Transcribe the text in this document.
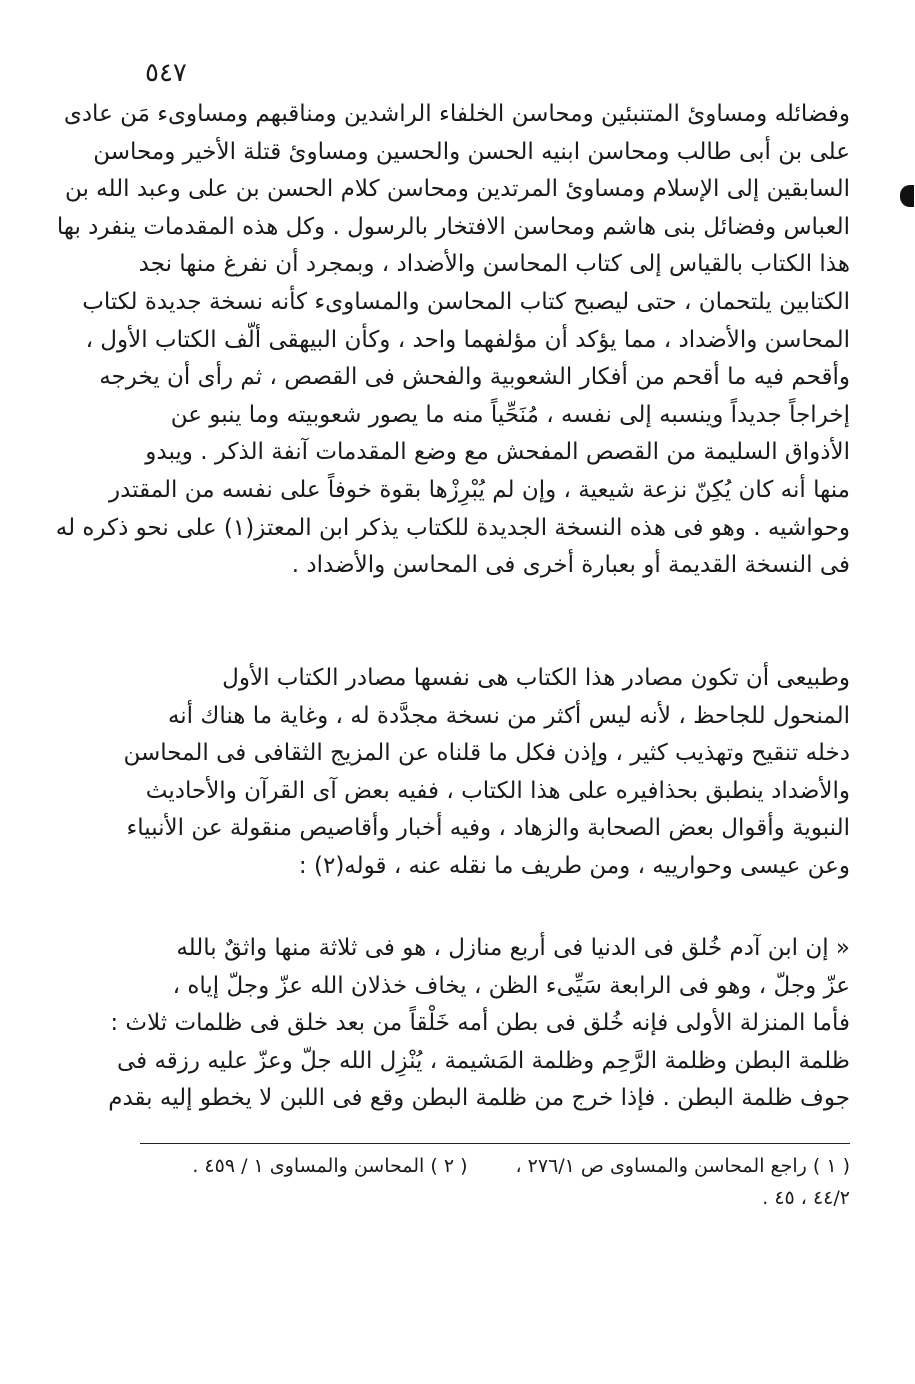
٥٤٧
وفضائله ومساوئ المتنبئين ومحاسن الخلفاء الراشدين ومناقبهم ومساوىء مَن عادى
على بن أبى طالب ومحاسن ابنيه الحسن والحسين ومساوئ قتلة الأخير ومحاسن
السابقين إلى الإسلام ومساوئ المرتدين ومحاسن كلام الحسن بن على وعبد الله بن
العباس وفضائل بنى هاشم ومحاسن الافتخار بالرسول . وكل هذه المقدمات ينفرد بها
هذا الكتاب بالقياس إلى كتاب المحاسن والأضداد ، وبمجرد أن نفرغ منها نجد
الكتابين يلتحمان ، حتى ليصبح كتاب المحاسن والمساوىء كأنه نسخة جديدة لكتاب
المحاسن والأضداد ، مما يؤكد أن مؤلفهما واحد ، وكأن البيهقى ألّف الكتاب الأول ،
وأقحم فيه ما أقحم من أفكار الشعوبية والفحش فى القصص ، ثم رأى أن يخرجه
إخراجاً جديداً وينسبه إلى نفسه ، مُنَحِّياً منه ما يصور شعوبيته وما ينبو عن
الأذواق السليمة من القصص المفحش مع وضع المقدمات آنفة الذكر . ويبدو
منها أنه كان يُكِنّ نزعة شيعية ، وإن لم يُبْرِزْها بقوة خوفاً على نفسه من المقتدر
وحواشيه . وهو فى هذه النسخة الجديدة للكتاب يذكر ابن المعتز(١) على نحو ذكره له
فى النسخة القديمة أو بعبارة أخرى فى المحاسن والأضداد .
وطبيعى أن تكون مصادر هذا الكتاب هى نفسها مصادر الكتاب الأول
المنحول للجاحظ ، لأنه ليس أكثر من نسخة مجدَّدة له ، وغاية ما هناك أنه
دخله تنقيح وتهذيب كثير ، وإذن فكل ما قلناه عن المزيج الثقافى فى المحاسن
والأضداد ينطبق بحذافيره على هذا الكتاب ، ففيه بعض آى القرآن والأحاديث
النبوية وأقوال بعض الصحابة والزهاد ، وفيه أخبار وأقاصيص منقولة عن الأنبياء
وعن عيسى وحوارييه ، ومن طريف ما نقله عنه ، قوله(٢) :
« إن ابن آدم خُلق فى الدنيا فى أربع منازل ، هو فى ثلاثة منها واثقٌ بالله
عزّ وجلّ ، وهو فى الرابعة سَيِّىء الظن ، يخاف خذلان الله عزّ وجلّ إياه ،
فأما المنزلة الأولى فإنه خُلق فى بطن أمه خَلْقاً من بعد خلق فى ظلمات ثلاث :
ظلمة البطن وظلمة الرَّحِم وظلمة المَشيمة ، يُنْزِل الله جلّ وعزّ عليه رزقه فى
جوف ظلمة البطن . فإذا خرج من ظلمة البطن وقع فى اللبن لا يخطو إليه بقدم
( ١ ) راجع المحاسن والمساوى ص ٢٧٦/١ ،
( ٢ ) المحاسن والمساوى ١ / ٤٥٩ .
٤٤/٢ ، ٤٥ .
